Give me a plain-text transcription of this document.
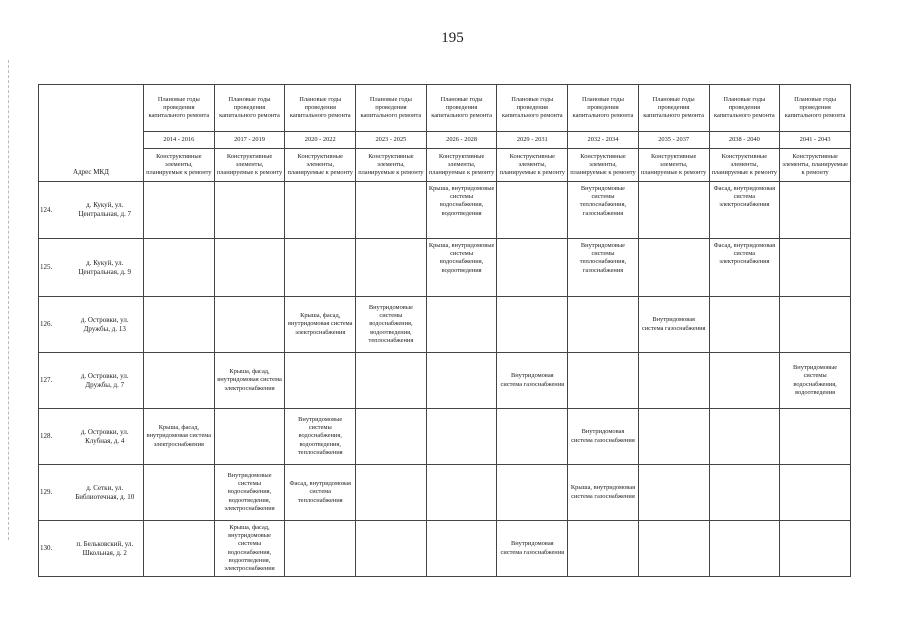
195
Адрес МКД		Плановые годы проведения капитального ремонта	Плановые годы проведения капитального ремонта	Плановые годы проведения капитального ремонта	Плановые годы проведения капитального ремонта	Плановые годы проведения капитального ремонта	Плановые годы проведения капитального ремонта	Плановые годы проведения капитального ремонта	Плановые годы проведения капитального ремонта	Плановые годы проведения капитального ремонта	Плановые годы проведения капитального ремонта
		2014 - 2016	2017 - 2019	2020 - 2022	2023 - 2025	2026 - 2028	2029 - 2031	2032 - 2034	2035 - 2037	2038 - 2040	2041 - 2043
		Конструктивные элементы, планируемые к ремонту	Конструктивные элементы, планируемые к ремонту	Конструктивные элементы, планируемые к ремонту	Конструктивные элементы, планируемые к ремонту	Конструктивные элементы, планируемые к ремонту	Конструктивные элементы, планируемые к ремонту	Конструктивные элементы, планируемые к ремонту	Конструктивные элементы, планируемые к ремонту	Конструктивные элементы, планируемые к ремонту	Конструктивные элементы, планируемые к ремонту
124.	д. Кукуй, ул. Центральная, д. 7					Крыша, внутридомовые системы водоснабжения, водоотведения		Внутридомовые системы теплоснабжения, газоснабжения		Фасад, внутридомовая система электроснабжения	
125.	д. Кукуй, ул. Центральная, д. 9					Крыша, внутридомовые системы водоснабжения, водоотведения		Внутридомовые системы теплоснабжения, газоснабжения		Фасад, внутридомовая система электроснабжения	
126.	д. Островки, ул. Дружбы, д. 13			Крыша, фасад, внутридомовая система электроснабжения	Внутридомовые системы водоснабжения, водоотведения, теплоснабжения				Внутридомовая система газоснабжения		
127.	д. Островки, ул. Дружбы, д. 7		Крыша, фасад, внутридомовая система электроснабжения				Внутридомовая система газоснабжения				Внутридомовые системы водоснабжения, водоотведения
128.	д. Островки, ул. Клубная, д. 4	Крыша, фасад, внутридомовая система электроснабжения		Внутридомовые системы водоснабжения, водоотведения, теплоснабжения				Внутридомовая система газоснабжения			
129.	д. Сетки, ул. Библиотечная, д. 10		Внутридомовые системы водоснабжения, водоотведения, электроснабжения	Фасад, внутридомовая система теплоснабжения				Крыша, внутридомовая система газоснабжения			
130.	п. Бельковский, ул. Школьная, д. 2		Крыша, фасад, внутридомовые системы водоснабжения, водоотведения, электроснабжения				Внутридомовая система газоснабжения				
